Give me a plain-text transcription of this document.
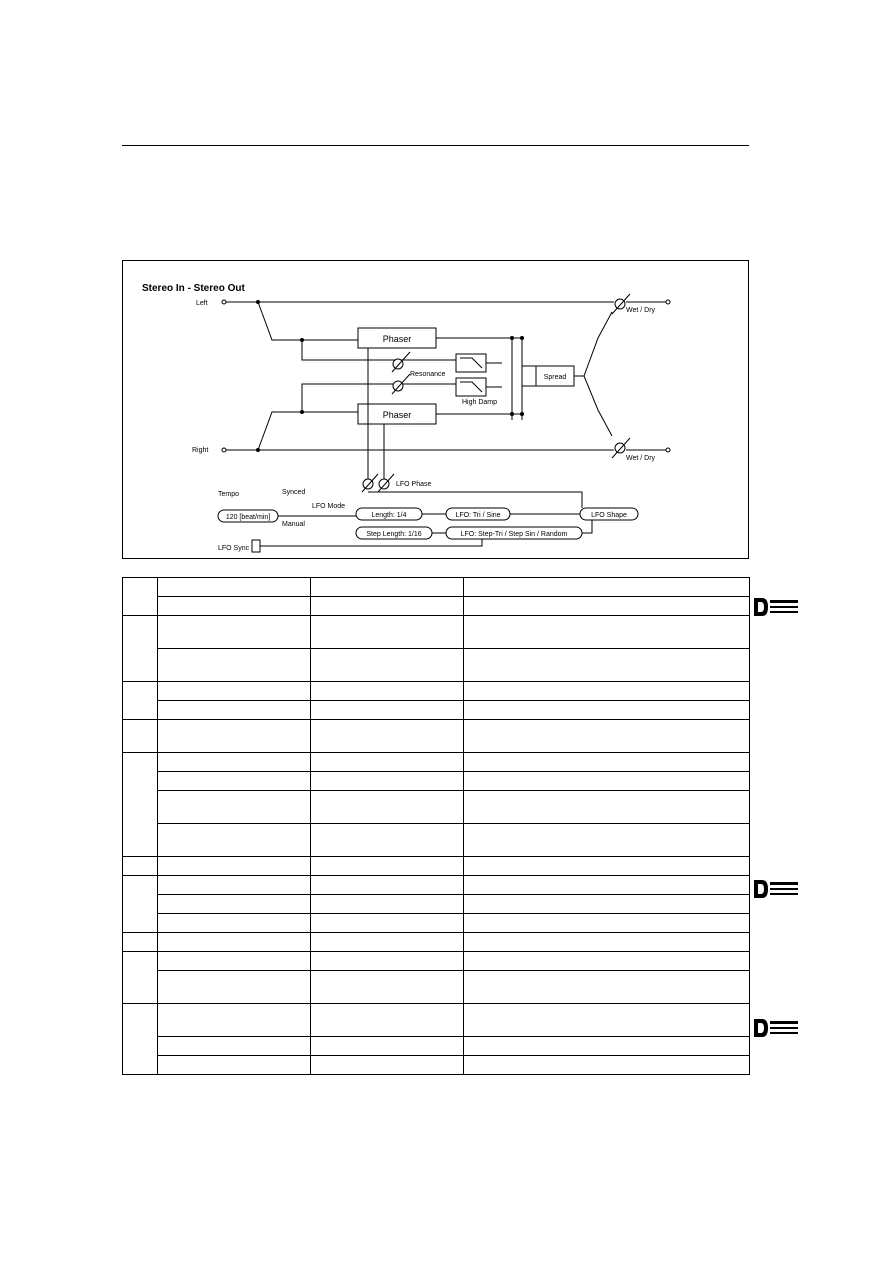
Stereo In - Stereo Out
Left
Right
Phaser
Phaser
High Damp
Resonance	Spread
Wet / Dry
Wet / Dry
LFO Phase
Tempo	Synced
Manual
LFO Mode
120 [beat/min]	Length: 1/4
Step Length: 1/16
LFO: Tri / Sine
LFO: Step-Tri / Step Sin / Random
LFO Shape
LFO Sync
